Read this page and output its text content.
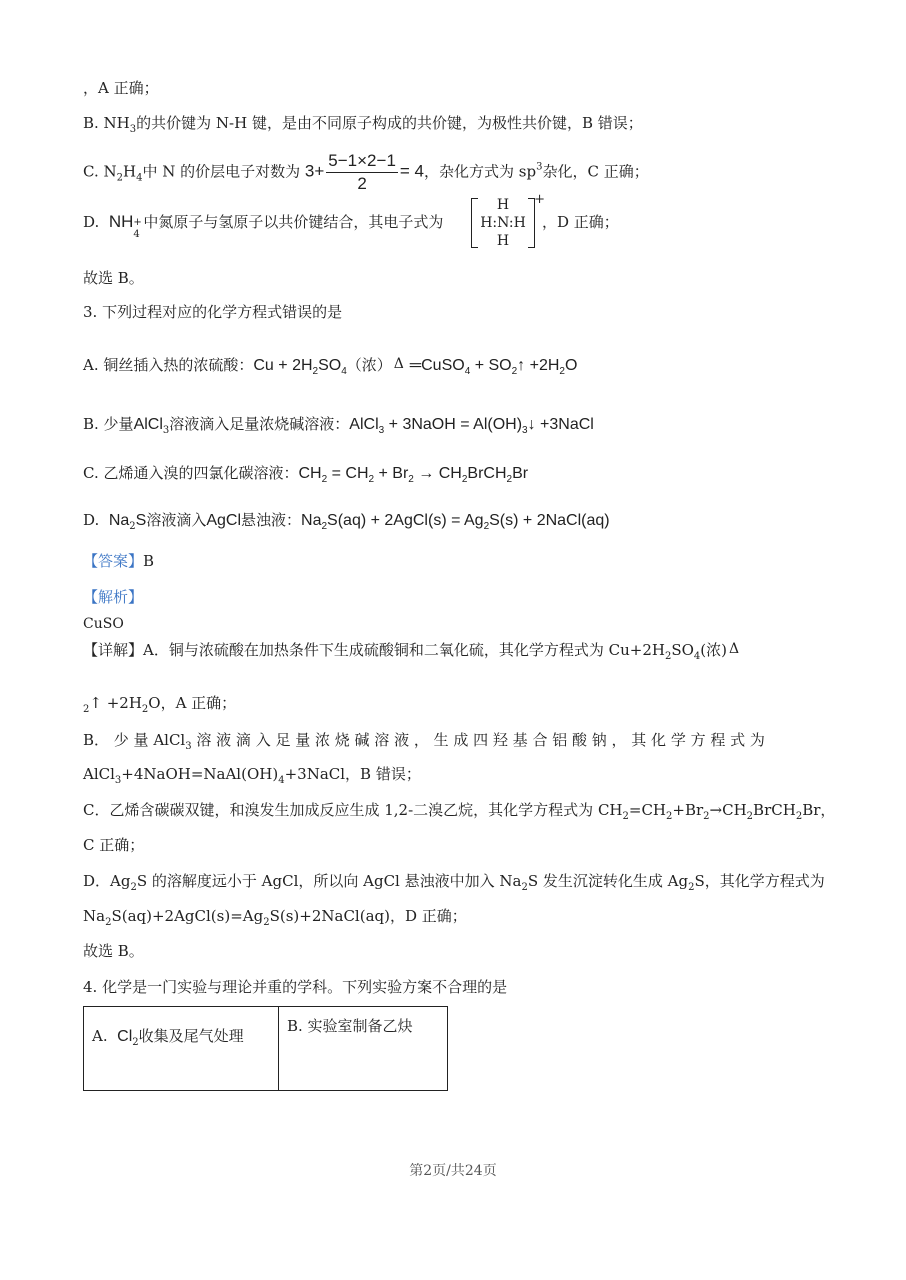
，A 正确；
B. $NH_3$的共价键为 N-H 键，是由不同原子构成的共价键，为极性共价键，B 错误；
C. $N_2H_4$中 N 的价层电子对数为 $3+ \frac{5-1\times 2-1}{2} = 4$，杂化方式为 $sp^3$杂化，C 正确；
D. NH +
4
中氮原子与氢原子以共价键结合，其电子式为
H
H:N:H
H
+
，D 正确；
故选 B。
3. 下列过程对应的化学方程式错误的是
A. 铜丝插入热的浓硫酸：$Cu + 2H_2SO_4$（浓） Δ ═CuSO$_4$ + $SO_2↑ +2H_2O$
B. 少量AlCl$_3$溶液滴入足量浓烧碱溶液：AlCl$_3$ + 3NaOH = $Al(OH)_3↓$ +3NaCl
C. 乙烯通入溴的四氯化碳溶液：$CH_2 = CH_2 + Br_2$ → $CH_2BrCH_2Br$
D. $Na_2S$溶液滴入AgCl悬浊液：$Na_2S(aq)$ + 2AgCl(s) = $Ag_2S(s)$ + 2NaCl(aq)
【答案】B
【解析】
CuSO
【详解】A．铜与浓硫酸在加热条件下生成硫酸铜和二氧化硫，其化学方程式为 $Cu+2H_2SO_4$(浓) Δ
$_2$↑ $+2H_2O$，A 正确；
B． 少 量 AlCl$_3$ 溶 液 滴 入 足 量 浓 烧 碱 溶 液 ， 生 成 四 羟 基 合 铝 酸 钠 ， 其 化 学 方 程 式 为
$AlCl_3+4NaOH=NaAl(OH)_4+3NaCl$，B 错误；
C．乙烯含碳碳双键，和溴发生加成反应生成 1,2-二溴乙烷，其化学方程式为 $CH_2=CH_2+Br_2\to CH_2BrCH_2Br$，
C 正确；
D．$Ag_2S$ 的溶解度远小于 AgCl，所以向 AgCl 悬浊液中加入 $Na_2S$ 发生沉淀转化生成 $Ag_2S$，其化学方程式为
$Na_2S(aq)+2AgCl(s)=Ag_2S(s)+2NaCl(aq)$，D 正确；
故选 B。
4. 化学是一门实验与理论并重的学科。下列实验方案不合理的是
A. $Cl_2$收集及尾气处理	B. 实验室制备乙炔
第2页/共24页
